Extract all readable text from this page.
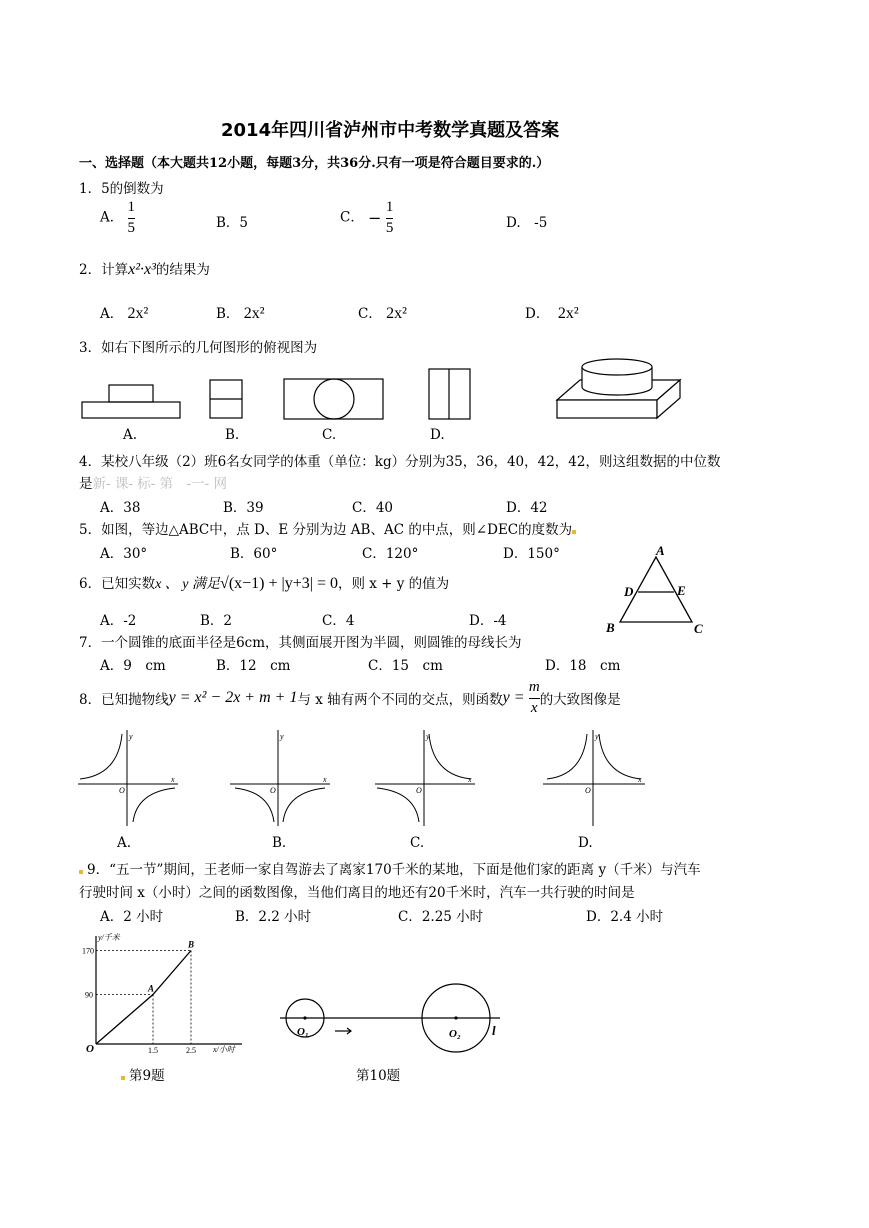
2014年四川省泸州市中考数学真题及答案
一、选择题（本大题共12小题，每题3分，共36分.只有一项是符合题目要求的.）
1．5的倒数为
A． $\frac{1}{5}$	B．5	C． − $\frac{1}{5}$	D.　-5
2．计算x²·x³的结果为
A． 2x²	B． 2x²	C． 2x²	D． 2x²
3．如右下图所示的几何图形的俯视图为
A.	B.	C.	D.
4．某校八年级（2）班6名女同学的体重（单位：kg）分别为35，36，40，42，42，则这组数据的中位数
是新- 课- 标- 第　-一- 网
A．38	B．39	C．40	D．42
5．如图，等边△ABC中，点 D、E 分别为边 AB、AC 的中点，则∠DEC的度数为
A．30°	B．60°	C．120°	D．150°	A
D	E
B	C
6．已知实数x 、 y 满足√(x−1) + |y+3| = 0，则 x + y 的值为
A．-2	B．2	C．4	D．-4
7．一个圆锥的底面半径是6cm，其侧面展开图为半圆，则圆锥的母线长为
A．9　cm	B．12　cm	C．15　cm	D．18　cm
8．已知抛物线y = x² − 2x + m + 1与 x 轴有两个不同的交点，则函数$y = \frac{m}{x}$ 的大致图像是
y
x
O
y
x
O
y
x
O
y
x
O
A.	B.	C.	D.
9．“五一节”期间，王老师一家自驾游去了离家170千米的某地，下面是他们家的距离 y（千米）与汽车
行驶时间 x（小时）之间的函数图像，当他们离目的地还有20千米时，汽车一共行驶的时间是
A．2 小时	B．2.2 小时	C．2.25 小时	D．2.4 小时
y/千米
x/小时
170
90
1.5	2.5
O
A
B
第9题
O₁	O₂ l
第10题
